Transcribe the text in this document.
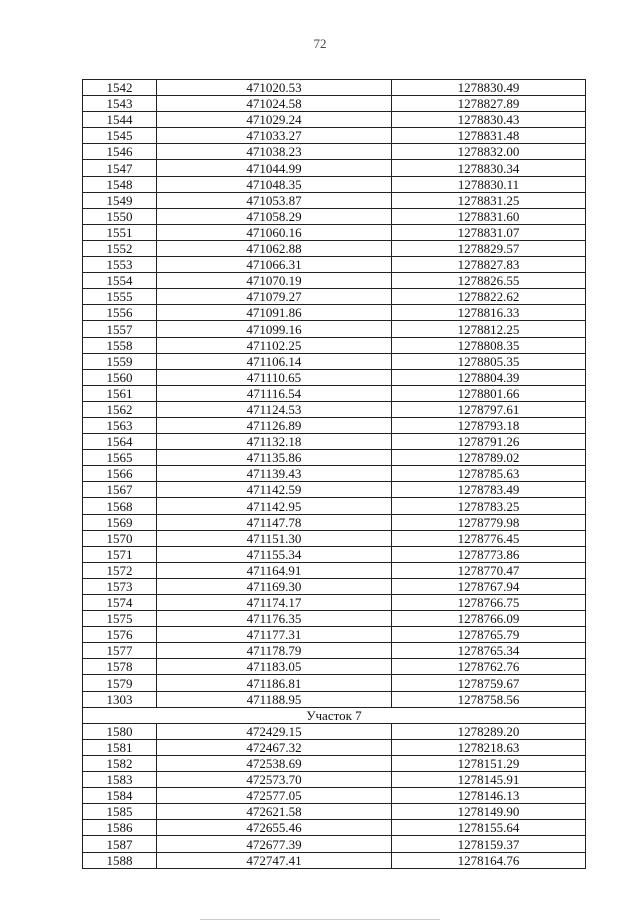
72
1542	471020.53	1278830.49
1543	471024.58	1278827.89
1544	471029.24	1278830.43
1545	471033.27	1278831.48
1546	471038.23	1278832.00
1547	471044.99	1278830.34
1548	471048.35	1278830.11
1549	471053.87	1278831.25
1550	471058.29	1278831.60
1551	471060.16	1278831.07
1552	471062.88	1278829.57
1553	471066.31	1278827.83
1554	471070.19	1278826.55
1555	471079.27	1278822.62
1556	471091.86	1278816.33
1557	471099.16	1278812.25
1558	471102.25	1278808.35
1559	471106.14	1278805.35
1560	471110.65	1278804.39
1561	471116.54	1278801.66
1562	471124.53	1278797.61
1563	471126.89	1278793.18
1564	471132.18	1278791.26
1565	471135.86	1278789.02
1566	471139.43	1278785.63
1567	471142.59	1278783.49
1568	471142.95	1278783.25
1569	471147.78	1278779.98
1570	471151.30	1278776.45
1571	471155.34	1278773.86
1572	471164.91	1278770.47
1573	471169.30	1278767.94
1574	471174.17	1278766.75
1575	471176.35	1278766.09
1576	471177.31	1278765.79
1577	471178.79	1278765.34
1578	471183.05	1278762.76
1579	471186.81	1278759.67
1303	471188.95	1278758.56
Участок 7		
1580	472429.15	1278289.20
1581	472467.32	1278218.63
1582	472538.69	1278151.29
1583	472573.70	1278145.91
1584	472577.05	1278146.13
1585	472621.58	1278149.90
1586	472655.46	1278155.64
1587	472677.39	1278159.37
1588	472747.41	1278164.76
